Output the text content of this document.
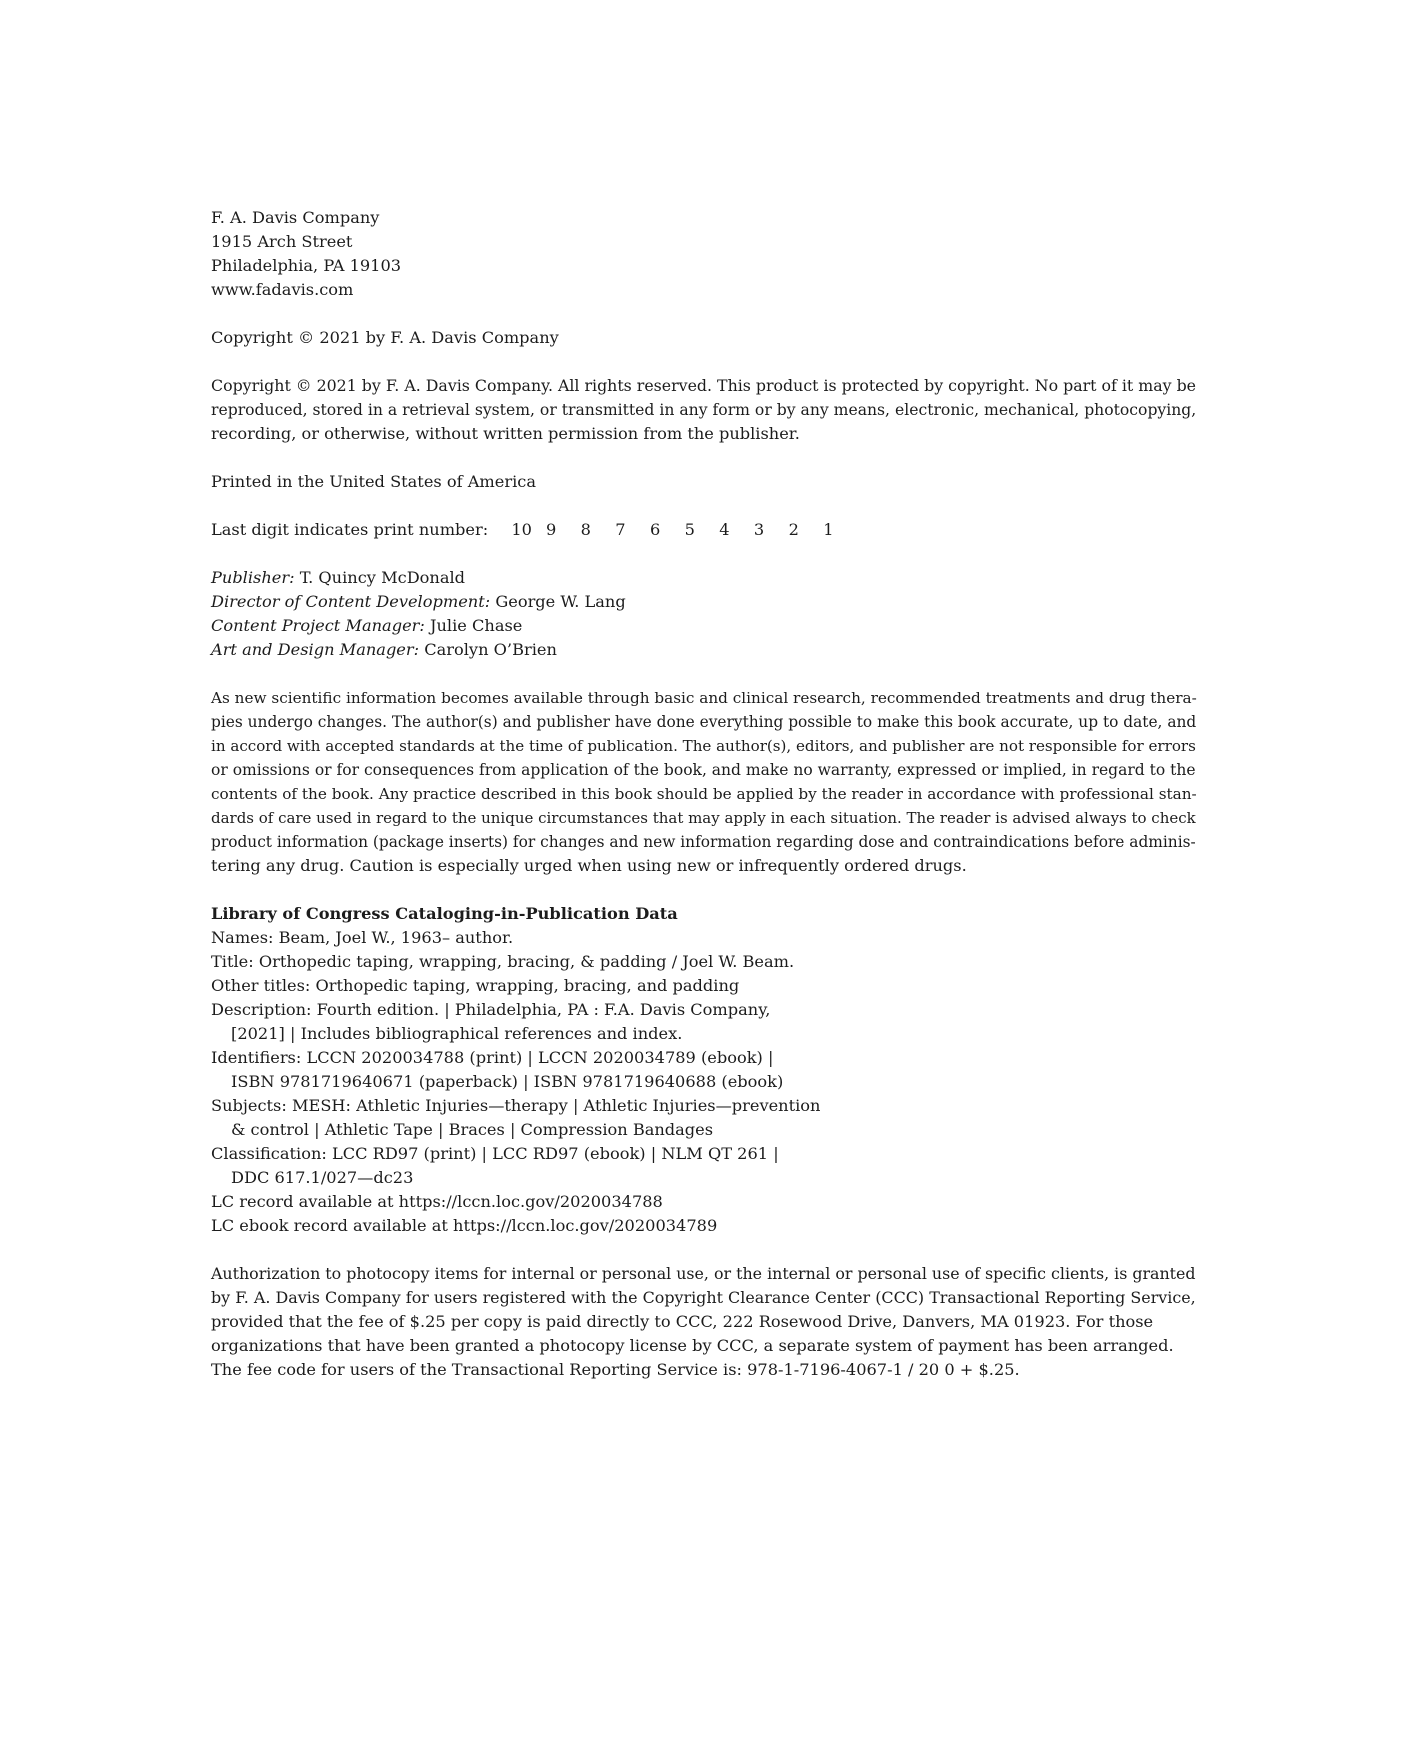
F. A. Davis Company
1915 Arch Street
Philadelphia, PA 19103
www.fadavis.com
Copyright © 2021 by F. A. Davis Company
Copyright © 2021 by F. A. Davis Company. All rights reserved. This product is protected by copyright. No part of it may be
reproduced, stored in a retrieval system, or transmitted in any form or by any means, electronic, mechanical, photocopying,
recording, or otherwise, without written permission from the publisher.
Printed in the United States of America
Last digit indicates print number: 10 9 8 7 6 5 4 3 2 1
Publisher: T. Quincy McDonald
Director of Content Development: George W. Lang
Content Project Manager: Julie Chase
Art and Design Manager: Carolyn O’Brien
As new scientific information becomes available through basic and clinical research, recommended treatments and drug thera-
pies undergo changes. The author(s) and publisher have done everything possible to make this book accurate, up to date, and
in accord with accepted standards at the time of publication. The author(s), editors, and publisher are not responsible for errors
or omissions or for consequences from application of the book, and make no warranty, expressed or implied, in regard to the
contents of the book. Any practice described in this book should be applied by the reader in accordance with professional stan-
dards of care used in regard to the unique circumstances that may apply in each situation. The reader is advised always to check
product information (package inserts) for changes and new information regarding dose and contraindications before adminis-
tering any drug. Caution is especially urged when using new or infrequently ordered drugs.
Library of Congress Cataloging-in-Publication Data
Names: Beam, Joel W., 1963– author.
Title: Orthopedic taping, wrapping, bracing, & padding / Joel W. Beam.
Other titles: Orthopedic taping, wrapping, bracing, and padding
Description: Fourth edition. | Philadelphia, PA : F.A. Davis Company,
[2021] | Includes bibliographical references and index.
Identifiers: LCCN 2020034788 (print) | LCCN 2020034789 (ebook) |
ISBN 9781719640671 (paperback) | ISBN 9781719640688 (ebook)
Subjects: MESH: Athletic Injuries—therapy | Athletic Injuries—prevention
& control | Athletic Tape | Braces | Compression Bandages
Classification: LCC RD97 (print) | LCC RD97 (ebook) | NLM QT 261 |
DDC 617.1/027—dc23
LC record available at https://lccn.loc.gov/2020034788
LC ebook record available at https://lccn.loc.gov/2020034789
Authorization to photocopy items for internal or personal use, or the internal or personal use of specific clients, is granted
by F. A. Davis Company for users registered with the Copyright Clearance Center (CCC) Transactional Reporting Service,
provided that the fee of $.25 per copy is paid directly to CCC, 222 Rosewood Drive, Danvers, MA 01923. For those
organizations that have been granted a photocopy license by CCC, a separate system of payment has been arranged.
The fee code for users of the Transactional Reporting Service is: 978-1-7196-4067-1 / 20 0 + $.25.
